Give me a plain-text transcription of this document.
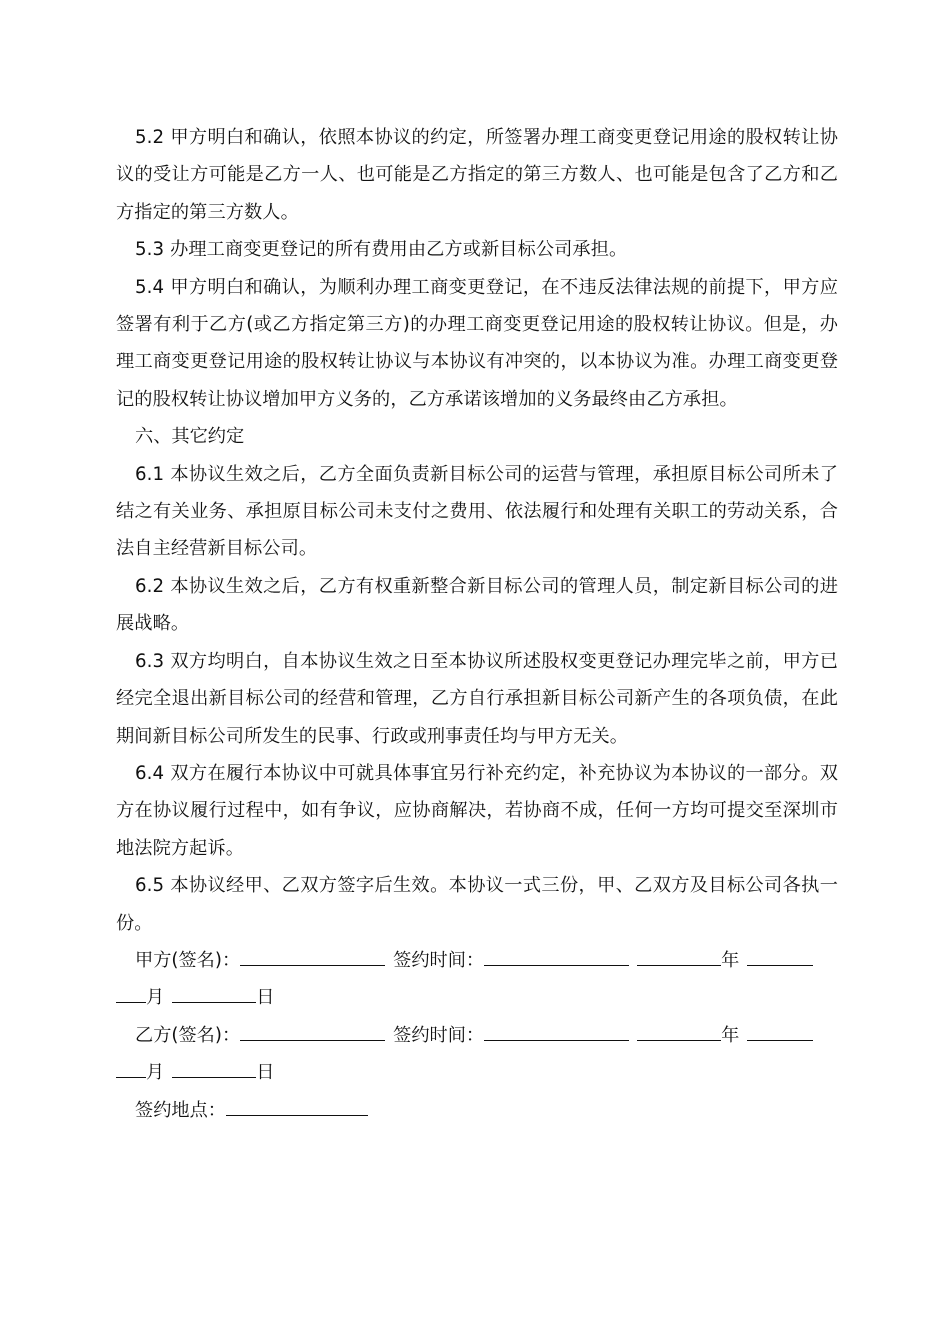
5.2 甲方明白和确认，依照本协议的约定，所签署办理工商变更登记用途的股权转让协议的受让方可能是乙方一人、也可能是乙方指定的第三方数人、也可能是包含了乙方和乙方指定的第三方数人。

5.3 办理工商变更登记的所有费用由乙方或新目标公司承担。

5.4 甲方明白和确认，为顺利办理工商变更登记，在不违反法律法规的前提下，甲方应签署有利于乙方(或乙方指定第三方)的办理工商变更登记用途的股权转让协议。但是，办理工商变更登记用途的股权转让协议与本协议有冲突的，以本协议为准。办理工商变更登记的股权转让协议增加甲方义务的，乙方承诺该增加的义务最终由乙方承担。

六、其它约定

6.1 本协议生效之后，乙方全面负责新目标公司的运营与管理，承担原目标公司所未了结之有关业务、承担原目标公司未支付之费用、依法履行和处理有关职工的劳动关系，合法自主经营新目标公司。

6.2 本协议生效之后，乙方有权重新整合新目标公司的管理人员，制定新目标公司的进展战略。

6.3 双方均明白，自本协议生效之日至本协议所述股权变更登记办理完毕之前，甲方已经完全退出新目标公司的经营和管理，乙方自行承担新目标公司新产生的各项负债，在此期间新目标公司所发生的民事、行政或刑事责任均与甲方无关。

6.4 双方在履行本协议中可就具体事宜另行补充约定，补充协议为本协议的一部分。双方在协议履行过程中，如有争议，应协商解决，若协商不成，任何一方均可提交至深圳市地法院方起诉。

6.5 本协议经甲、乙双方签字后生效。本协议一式三份，甲、乙双方及目标公司各执一份。

甲方(签名)：	签约时间：	年

月	日

乙方(签名)：	签约时间：	年

月	日

签约地点：
